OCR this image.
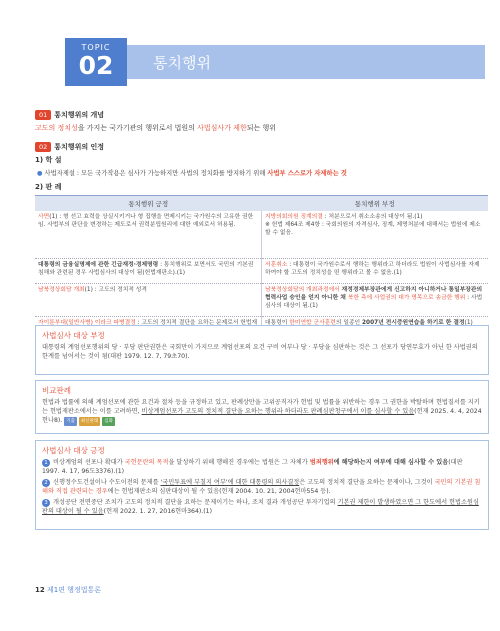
TOPIC
02	통치행위
01 통치행위의 개념
고도의 정치성을 가지는 국가기관의 행위로서 법원의 사법심사가 제한되는 행위
02 통치행위의 인정
1) 학 설
● 사법자제설 : 모든 국가작용은 심사가 가능하지만 사법의 정치화를 방지하기 위해 사법부 스스로가 자제하는 것
2) 판 례
통치행위 긍정	통치행위 부정
사면(1) : 형 선고 효력을 상실시키거나 형 집행을 면제시키는 국가원수의 고유한 권한임. 사법부의 판단을 변경하는 제도로서 권력분립원리에 대한 예외로서 허용됨.	지방의회의원 징계의결 : 처분으로서 취소소송의 대상이 됨.(1)
※ 헌법 제64조 제4항 : 국회의원의 자격심사, 징계, 제명처분에 대해서는 법원에 제소할 수 없음.
대통령의 금융실명제에 관한 긴급재정·경제명령 : 통치행위로 보면서도 국민의 기본권 침해와 관련된 경우 사법심사의 대상이 됨(헌법재판소).(1)	서훈취소 : 대통령이 국가원수로서 행하는 행위라고 하더라도 법원이 사법심사를 자제하여야 할 고도의 정치성을 띤 행위라고 볼 수 없음.(1)
남북정상회담 개최(1) : 고도의 정치적 성격	남북정상회담의 개최과정에서 재정경제부장관에게 신고하지 아니하거나 통일부장관의 협력사업 승인을 얻지 아니한 채 북한 측에 사업권의 대가 명목으로 송금한 행위 : 사법심사의 대상이 됨.(1)
자이툰부대(일반사병) 이라크 파병결정 : 고도의 정치적 결단을 요하는 문제로서 헌법재	대통령이 한미연합 군사훈련의 일종인 2007년 전시증원연습을 하기로 한 결정(1)
사법심사 대상 부정
대통령의 계엄선포행위의 당 · 부당 판단권한은 국회만이 가지므로 계엄선포의 요건 구비 여부나 당 · 부당을 심판하는 것은 그 선포가 당연무효가 아닌 한 사법권의 한계를 넘어서는 것이 됨(대판 1979. 12. 7, 79초70).
비교판례
헌법과 법률에 의해 계엄선포에 관한 요건과 절차 등을 규정하고 있고, 판례상만을 고위공직자가 헌법 및 법률을 위반하는 경우 그 권한을 박탈하며 헌법질서를 지키는 헌법재판소에서는 이를 고려하면, 비상계엄선포가 고도의 정치적 결단을 요하는 행위라 하더라도 판례심판청구에서 이를 심사할 수 있음(헌재 2025. 4. 4, 2024헌나8). 기출 최신판례 심화
사법심사 대상 긍정
1 비상계엄의 선포나 확대가 국헌문란의 목적을 달성하기 위해 행해진 경우에는 법원은 그 자체가 범죄행위에 해당하는지 여부에 대해 심사할 수 있음(대판 1997. 4. 17, 96도3376).(1)
2 신행정수도건설이나 수도이전의 문제를 '국민투표에 부칠지 여부'에 대한 대통령의 의사결정은 고도의 정치적 결단을 요하는 문제이나, 그것이 국민의 기본권 침해와 직접 관련되는 경우에는 헌법재판소의 심판대상이 될 수 있음(헌재 2004. 10. 21, 2004헌마554 등).
3 개성공단 전면중단 조치가 고도의 정치적 결단을 요하는 문제이기는 하나, 조치 결과 개성공단 투자기업의 기본권 제한이 발생하였으면 그 한도에서 헌법소원심판의 대상이 될 수 있음(헌재 2022. 1. 27, 2016헌마364).(1)
12 제1편 행정법통론
